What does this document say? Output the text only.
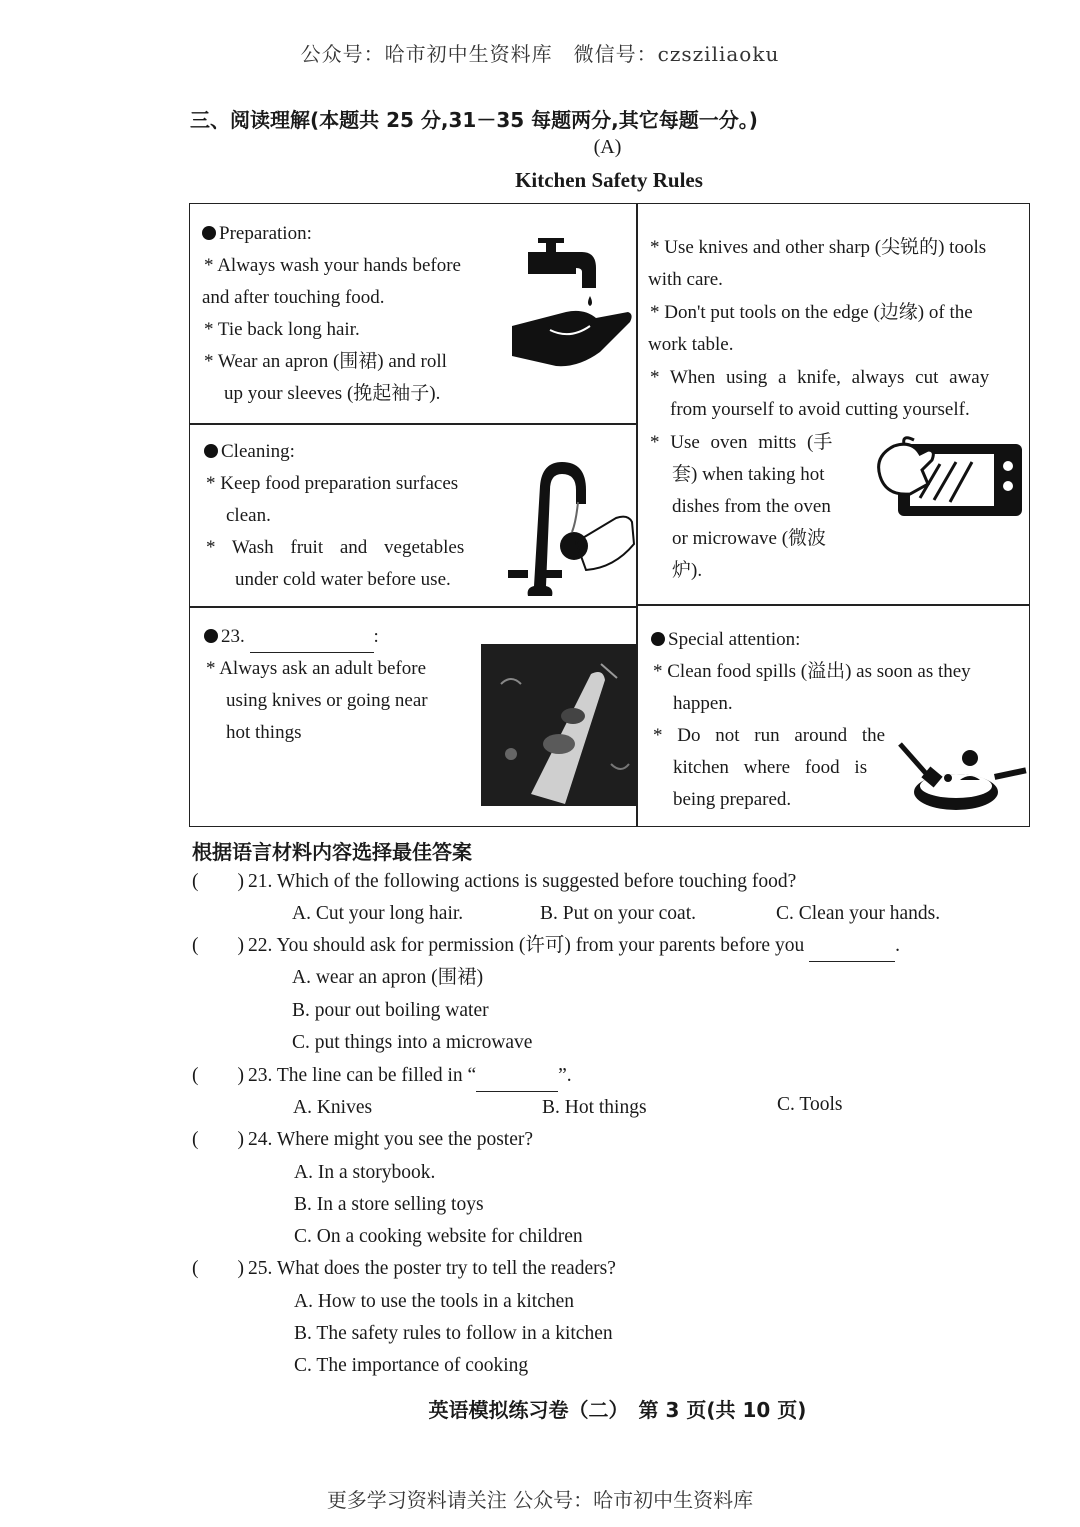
公众号：哈市初中生资料库　微信号：czsziliaoku
三、阅读理解(本题共 25 分,31－35 每题两分,其它每题一分。)
(A)
Kitchen Safety Rules

Preparation:

* Always wash your hands before

and after touching food.

* Tie back long hair.

* Wear an apron (围裙) and roll

up your sleeves (挽起袖子).

Cleaning:

* Keep food preparation surfaces

clean.

* Wash fruit and vegetables

under cold water before use.

23.	:

* Always ask an adult before

using knives or going near

hot things

* Use knives and other sharp (尖锐的) tools

with care.

* Don't put tools on the edge (边缘) of the

work table.

* When using a knife, always cut away

from yourself to avoid cutting yourself.

* Use oven mitts (手

套) when taking hot

dishes from the oven

or microwave (微波

炉).

Special attention:

* Clean food spills (溢出) as soon as they

happen.

* Do not run around the

kitchen where food is

being prepared.

根据语言材料内容选择最佳答案
(　　) 21. Which of the following actions is suggested before touching food?
A. Cut your long hair.	B. Put on your coat.	C. Clean your hands.
(　　) 22. You should ask for permission (许可) from your parents before you	.
A. wear an apron (围裙)
B. pour out boiling water
C. put things into a microwave
(　　) 23. The line can be filled in “	”.
A. Knives	B. Hot things	C. Tools
(　　) 24. Where might you see the poster?
A. In a storybook.
B. In a store selling toys
C. On a cooking website for children
(　　) 25. What does the poster try to tell the readers?
A. How to use the tools in a kitchen
B. The safety rules to follow in a kitchen
C. The importance of cooking
英语模拟练习卷（二）　第 3 页(共 10 页)
更多学习资料请关注 公众号：哈市初中生资料库
